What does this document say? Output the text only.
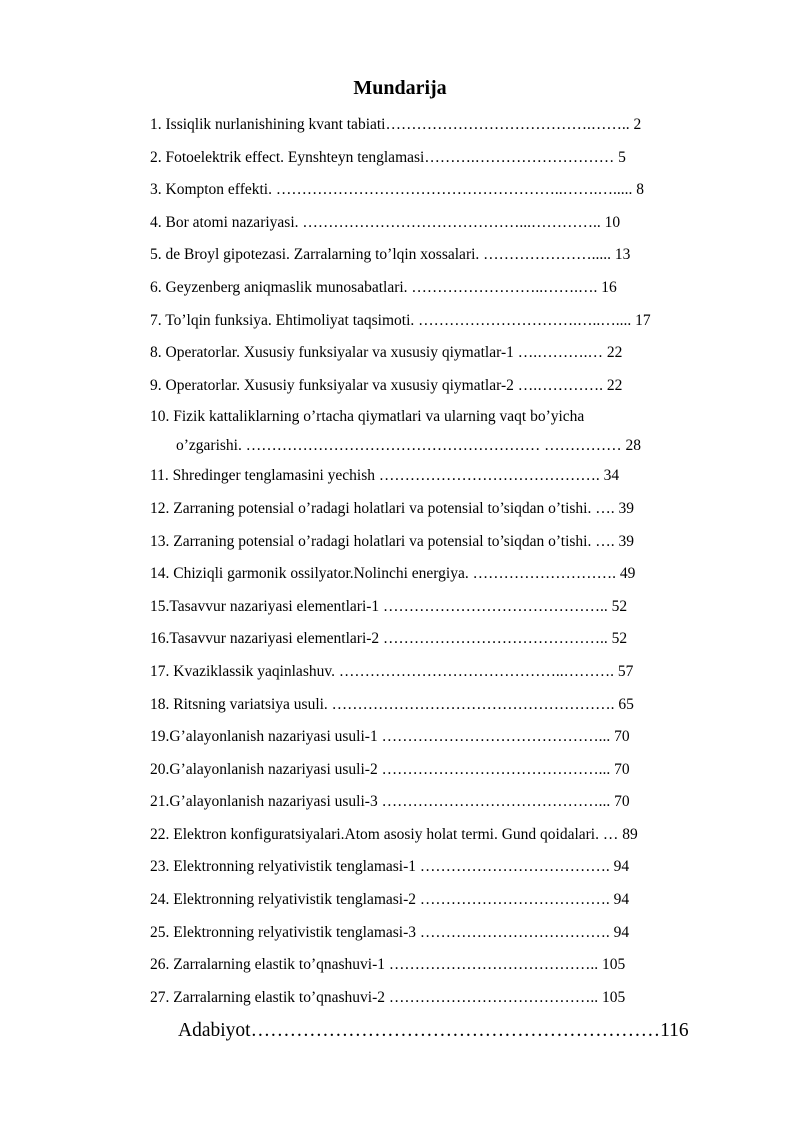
Mundarija
1. Issiqlik nurlanishining kvant tabiati………………………………….…….. 2
2. Fotoelektrik effect. Eynshteyn tenglamasi……….……………………… 5
3. Kompton effekti. ………………………………………………..…….…..... 8
4. Bor atomi nazariyasi. ……………………………………...………….. 10
5. de Broyl gipotezasi. Zarralarning to’lqin xossalari. …………………..... 13
6. Geyzenberg aniqmaslik munosabatlari. ……………………..…….…. 16
7. To’lqin funksiya. Ehtimoliyat taqsimoti. ………………………….…..….... 17
8. Operatorlar. Xususiy funksiyalar va xususiy qiymatlar-1 ….……….… 22
9. Operatorlar. Xususiy funksiyalar va xususiy qiymatlar-2 ….…………. 22
10. Fizik kattaliklarning o’rtacha qiymatlari va ularning vaqt bo’yicha
o’zgarishi. ………………………………………………… …………… 28
11. Shredinger tenglamasini yechish ……………………………………. 34
12. Zarraning potensial o’radagi holatlari va potensial to’siqdan o’tishi. …. 39
13. Zarraning potensial o’radagi holatlari va potensial to’siqdan o’tishi. …. 39
14. Chiziqli garmonik ossilyator.Nolinchi energiya. ………………………. 49
15.Tasavvur nazariyasi elementlari-1 …………………………………….. 52
16.Tasavvur nazariyasi elementlari-2 …………………………………….. 52
17. Kvaziklassik yaqinlashuv. ……………………………………..………. 57
18. Ritsning variatsiya usuli. ………………………………………………. 65
19.G’alayonlanish nazariyasi usuli-1 ……………………………………... 70
20.G’alayonlanish nazariyasi usuli-2 ……………………………………... 70
21.G’alayonlanish nazariyasi usuli-3 ……………………………………... 70
22. Elektron konfiguratsiyalari.Atom asosiy holat termi. Gund qoidalari. … 89
23. Elektronning relyativistik tenglamasi-1 ………………………………. 94
24. Elektronning relyativistik tenglamasi-2 ………………………………. 94
25. Elektronning relyativistik tenglamasi-3 ………………………………. 94
26. Zarralarning elastik to’qnashuvi-1 ………………………………….. 105
27. Zarralarning elastik to’qnashuvi-2 ………………………………….. 105
Adabiyot………………………………………………………116
